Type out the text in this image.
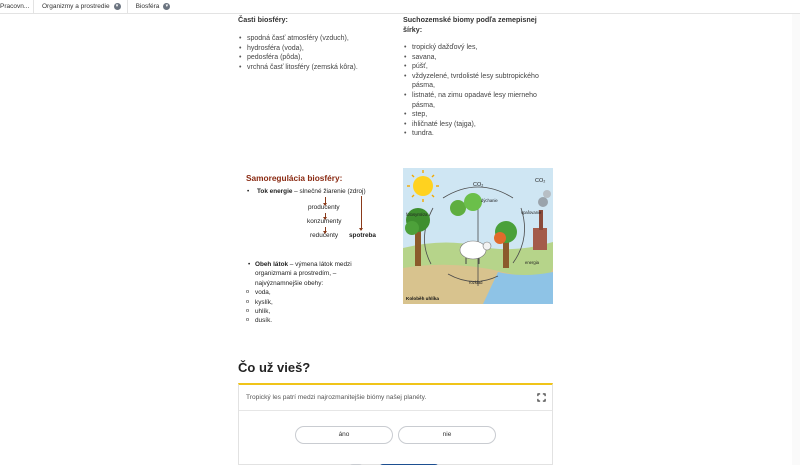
Pracovn... Organizmy a prostredie	▾	Biosféra	▾
Časti biosféry:
• spodná časť atmosféry (vzduch),
• hydrosféra (voda),
• pedosféra (pôda),
• vrchná časť litosféry (zemská kôra).
Suchozemské biomy podľa zemepisnej
šírky:
• tropický dažďový les,
• savana,
• púšť,
• vždyzelené, tvrdolisté lesy subtropického pásma,
• listnaté, na zimu opadavé lesy mierneho pásma,
• step,
• ihličnaté lesy (tajga),
• tundra.
Samoregulácia biosféry:
• Tok energie – slnečné žiarenie (zdroj)
producenty
konzumenty
reducenty spotreba
• Obeh látok – výmena látok medzi organizmami a prostredím, – najvýznamnejšie obehy:
o voda,
o kyslík,
o uhlík,
o dusík.
CO₂
CO₂
dýchanie
fotosyntéza	spaľovanie
energia
rozklad
Koloběh uhlíka
Čo už vieš?
Tropický les patrí medzi najrozmanitejšie biómy našej planéty.
áno	nie
